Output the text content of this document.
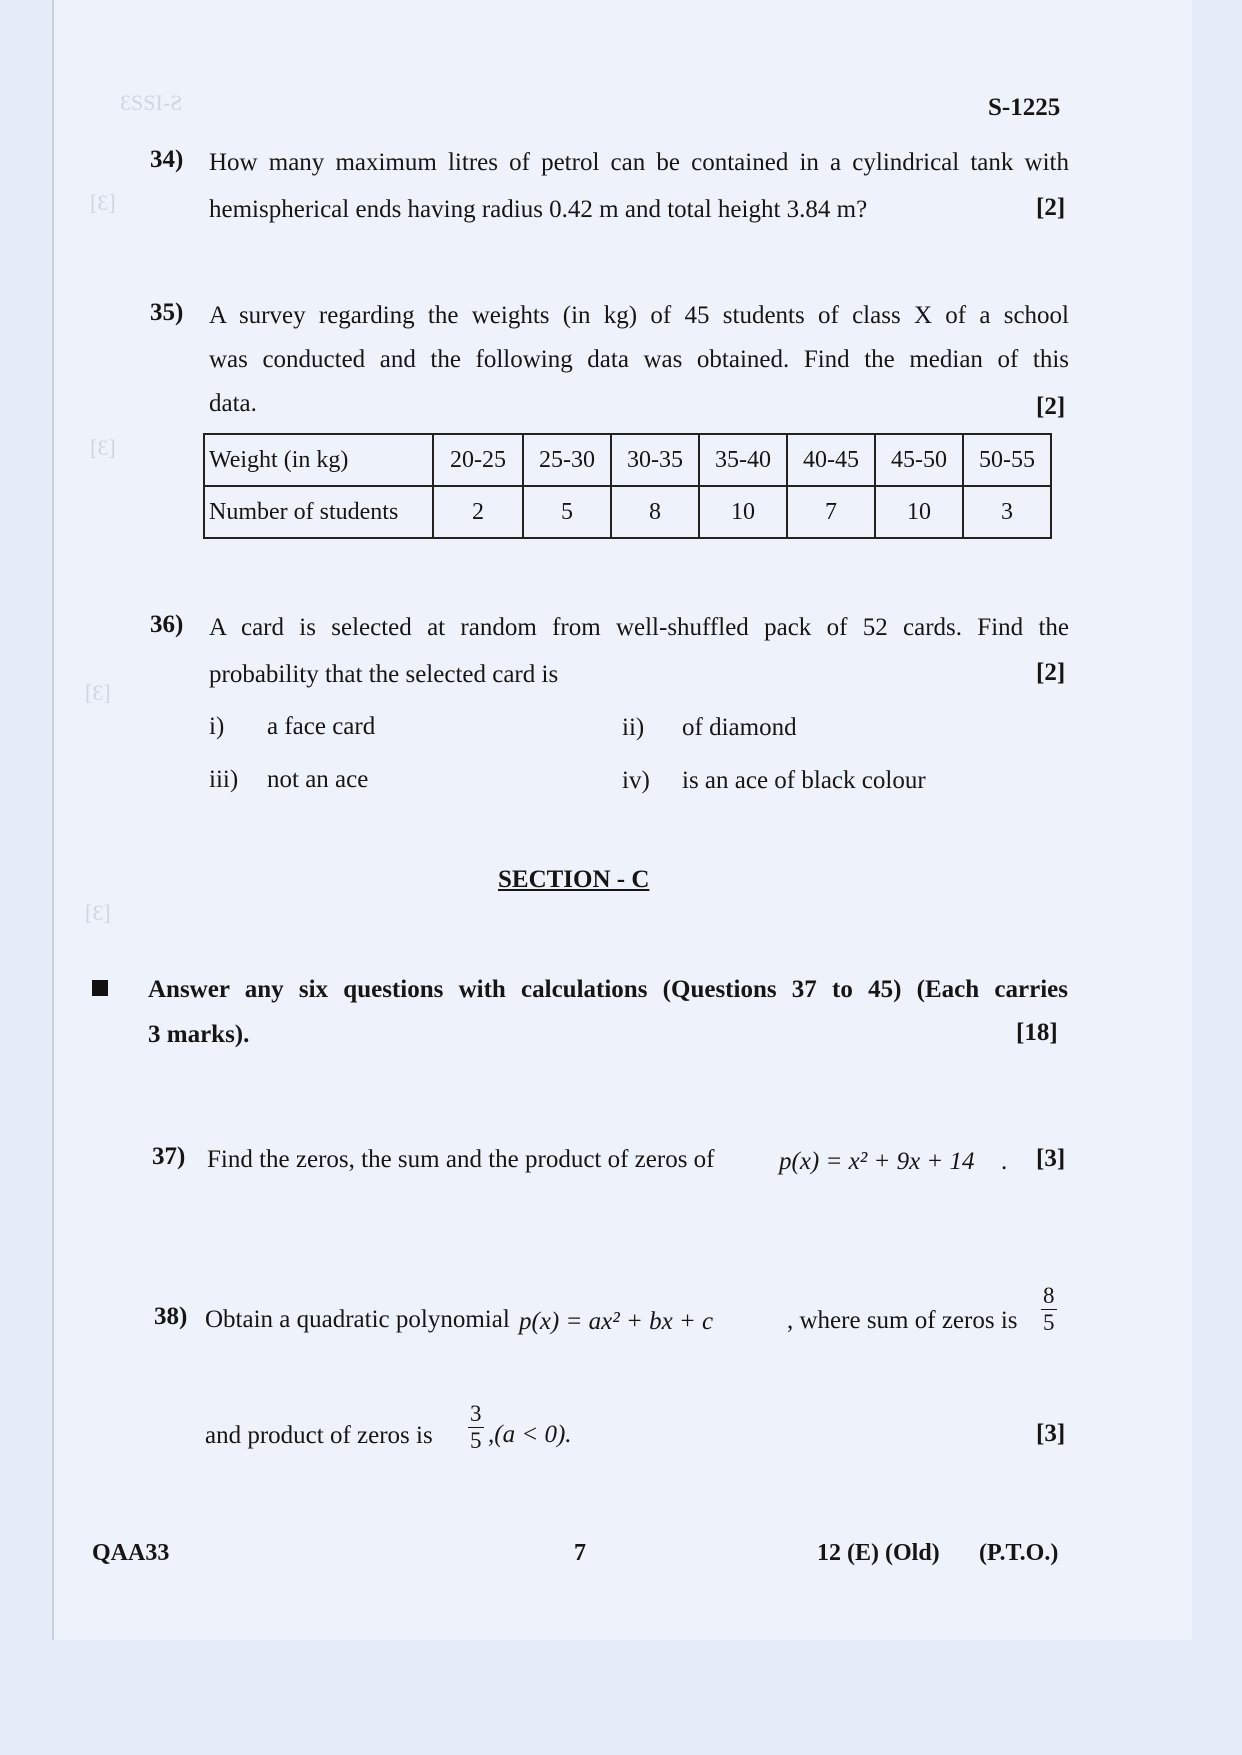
ƐSSI-Ƨ
[Ɛ]
[Ɛ]
[Ɛ]
[Ɛ]
S-1225
34) How many maximum litres of petrol can be contained in a cylindrical tank with
hemispherical ends having radius 0.42 m and total height 3.84 m?	[2]
35) A survey regarding the weights (in kg) of 45 students of class X of a school
was conducted and the following data was obtained. Find the median of this
data.	[2]
Weight (in kg)	20-25	25-30	30-35	35-40	40-45	45-50	50-55
Number of students	2	5	8	10	7	10	3
36) A card is selected at random from well-shuffled pack of 52 cards. Find the
probability that the selected card is	[2]
i) a face card	ii) of diamond
iii) not an ace	iv) is an ace of black colour
SECTION - C
Answer any six questions with calculations (Questions 37 to 45) (Each carries
3 marks).	[18]
37) Find the zeros, the sum and the product of zeros of	p(x) = x² + 9x + 14 . [3]
38) Obtain a quadratic polynomial p(x) = ax² + bx + c	, where sum of zeros is $\frac{8}{5}$
and product of zeros is $\frac{3}{5} ,(a < 0)$.	[3]
QAA33	7	12 (E) (Old) (P.T.O.)
